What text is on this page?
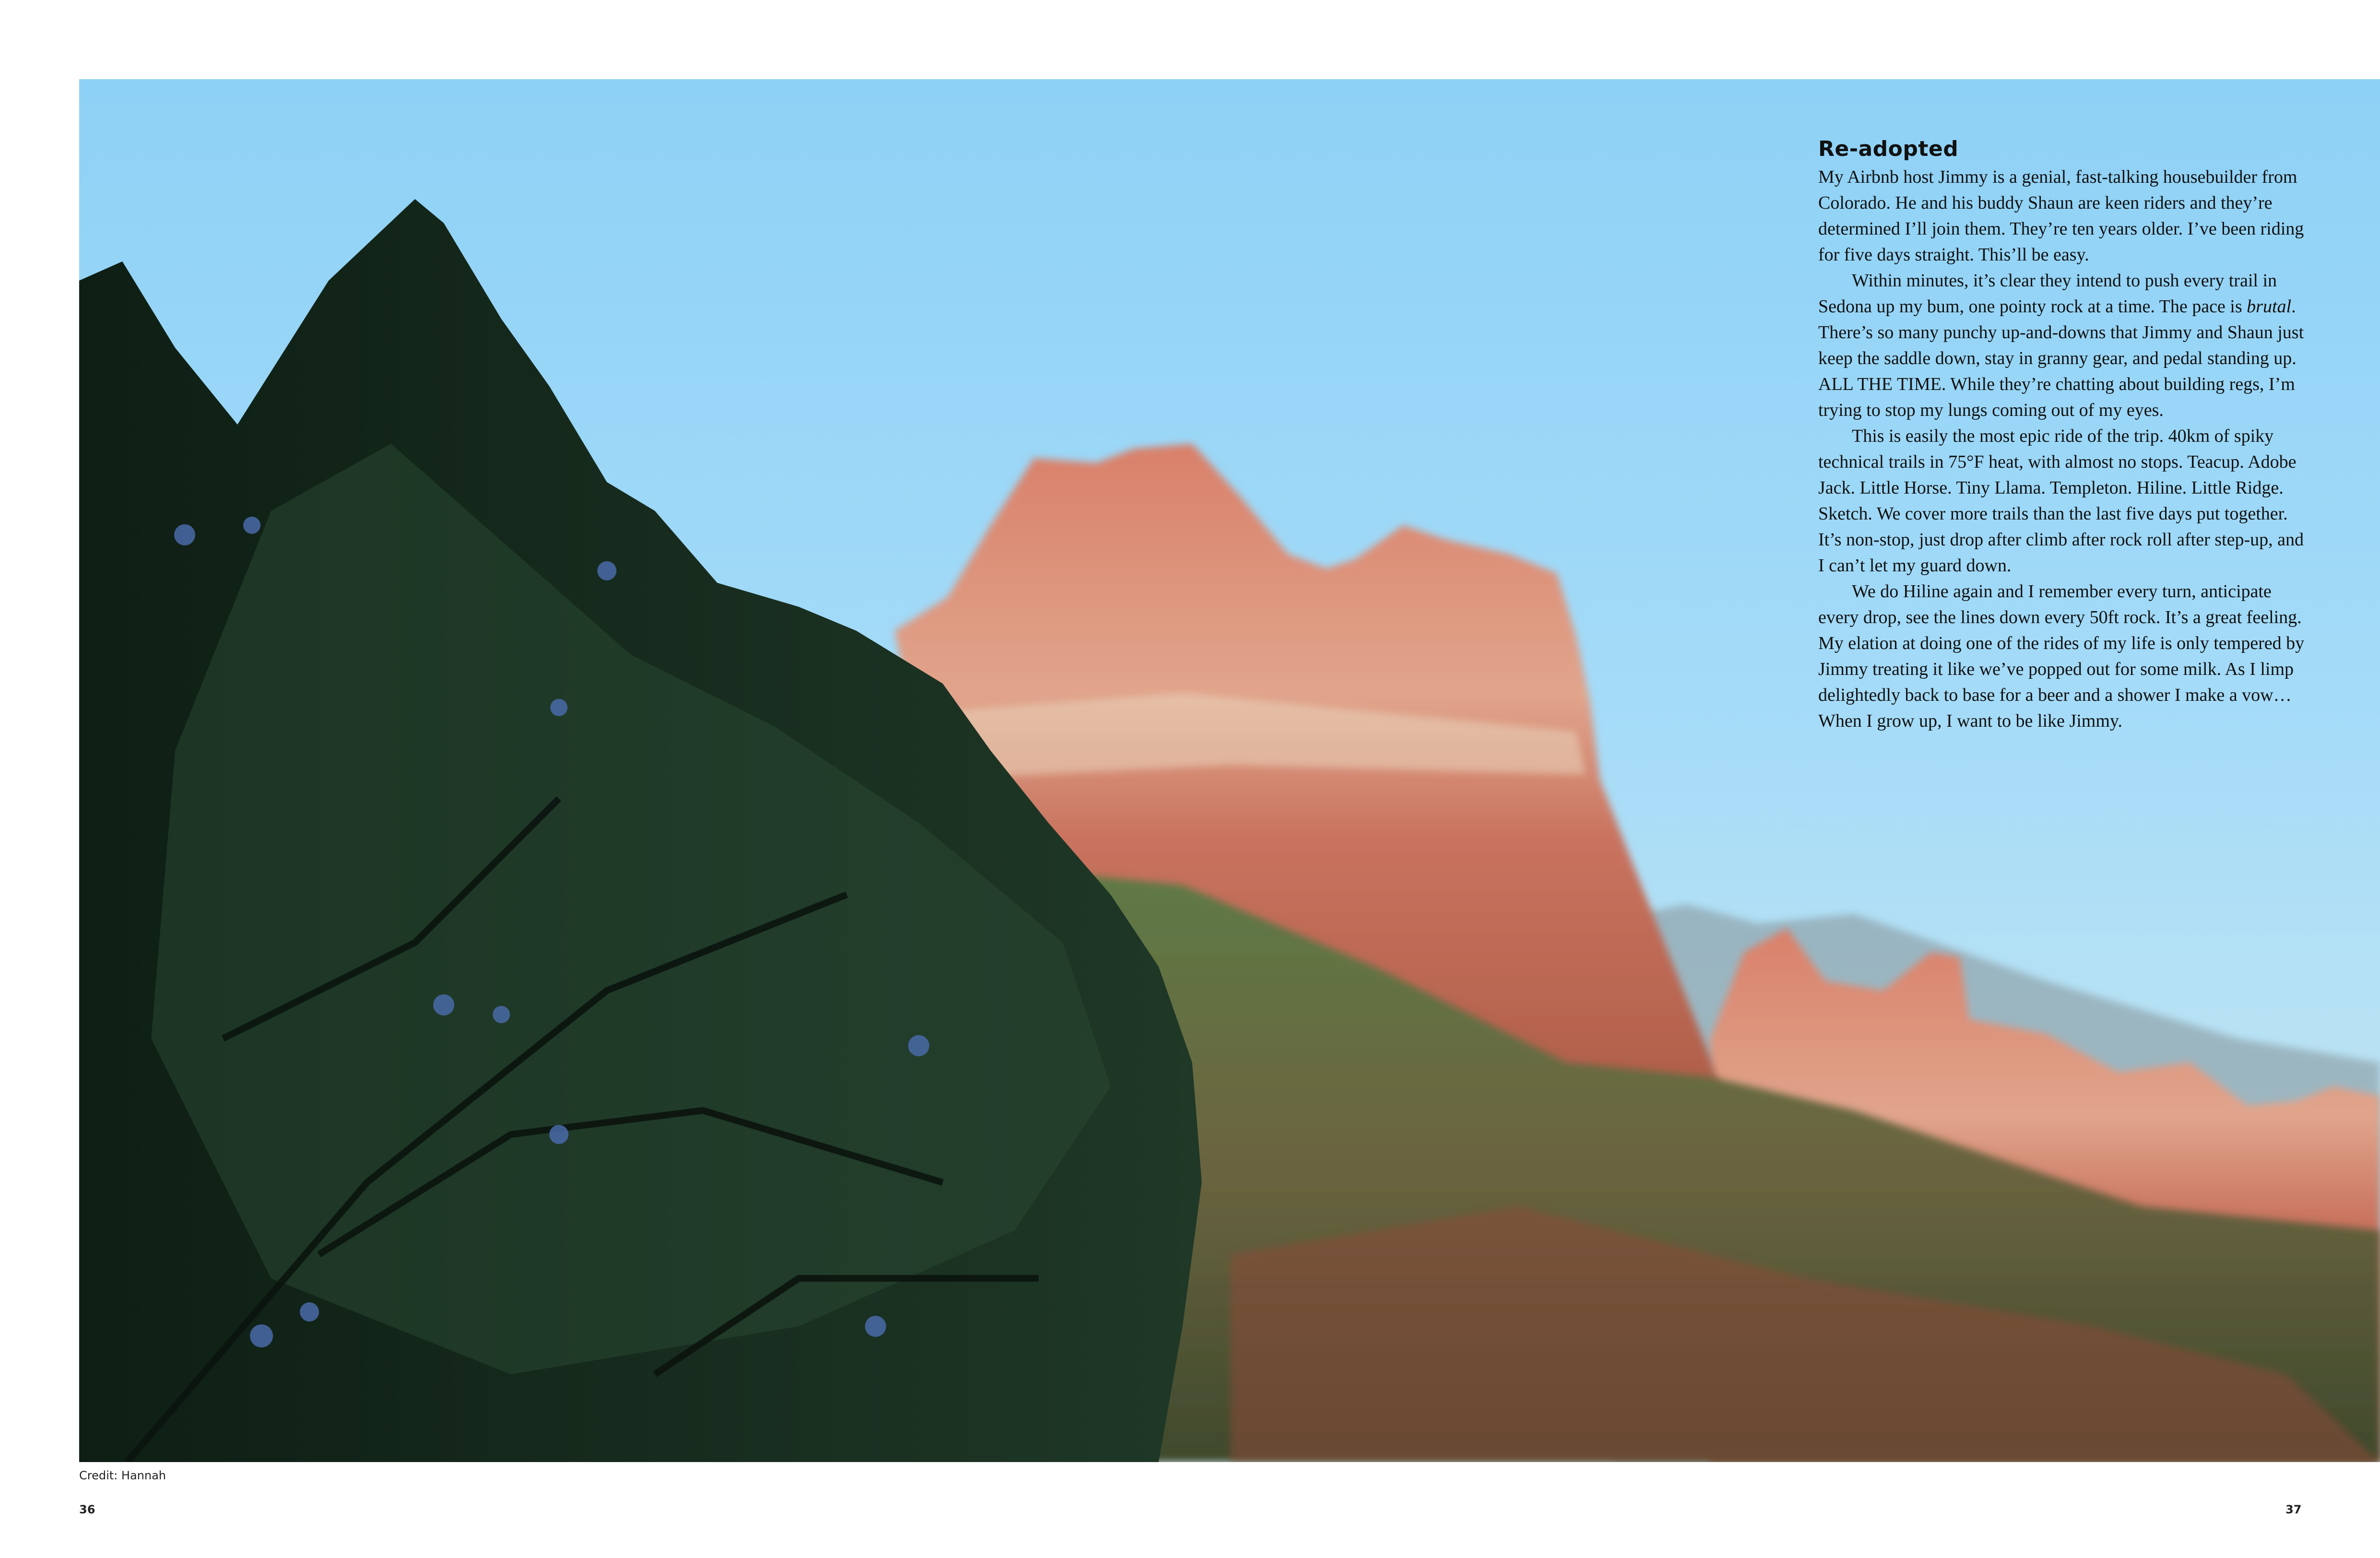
Re-adopted

My Airbnb host Jimmy is a genial, fast-talking housebuilder from Colorado. He and his buddy Shaun are keen riders and they’re determined I’ll join them. They’re ten years older. I’ve been riding for five days straight. This’ll be easy.

Within minutes, it’s clear they intend to push every trail in Sedona up my bum, one pointy rock at a time. The pace is brutal. There’s so many punchy up-and-downs that Jimmy and Shaun just keep the saddle down, stay in granny gear, and pedal standing up. ALL THE TIME. While they’re chatting about building regs, I’m trying to stop my lungs coming out of my eyes.

This is easily the most epic ride of the trip. 40km of spiky technical trails in 75°F heat, with almost no stops. Teacup. Adobe Jack. Little Horse. Tiny Llama. Templeton. Hiline. Little Ridge. Sketch. We cover more trails than the last five days put together. It’s non-stop, just drop after climb after rock roll after step-up, and I can’t let my guard down.

We do Hiline again and I remember every turn, anticipate every drop, see the lines down every 50ft rock. It’s a great feeling. My elation at doing one of the rides of my life is only tempered by Jimmy treating it like we’ve popped out for some milk. As I limp delightedly back to base for a beer and a shower I make a vow… When I grow up, I want to be like Jimmy.

Credit: Hannah
36	37
